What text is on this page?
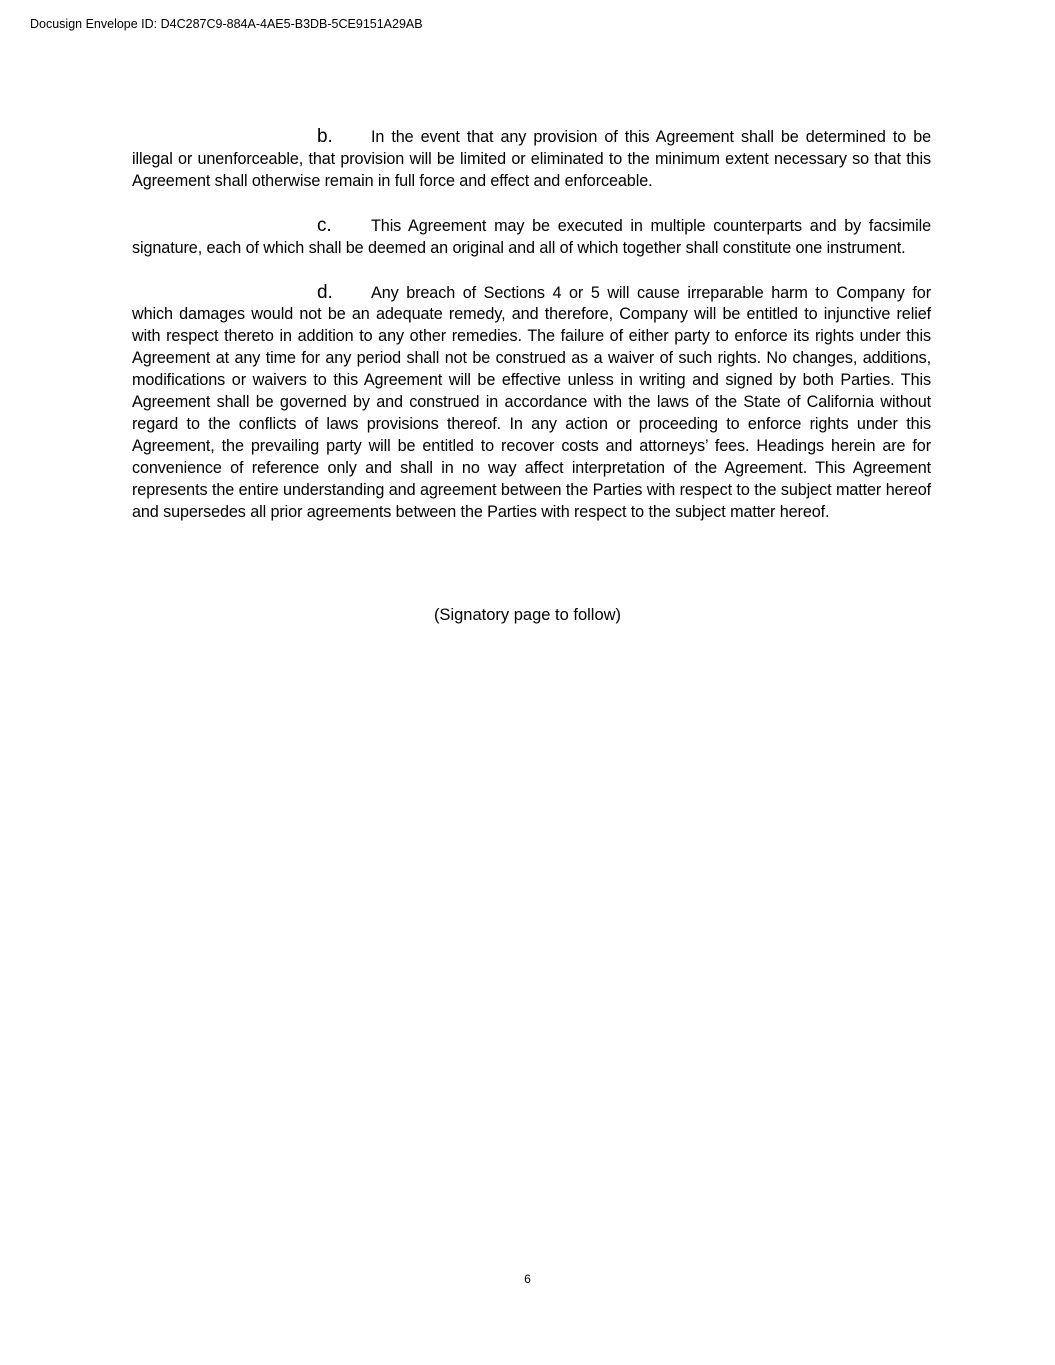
Docusign Envelope ID: D4C287C9-884A-4AE5-B3DB-5CE9151A29AB

b. In the event that any provision of this Agreement shall be determined to be illegal or unenforceable, that provision will be limited or eliminated to the minimum extent necessary so that this Agreement shall otherwise remain in full force and effect and enforceable.

c. This Agreement may be executed in multiple counterparts and by facsimile signature, each of which shall be deemed an original and all of which together shall constitute one instrument.

d. Any breach of Sections 4 or 5 will cause irreparable harm to Company for which damages would not be an adequate remedy, and therefore, Company will be entitled to injunctive relief with respect thereto in addition to any other remedies. The failure of either party to enforce its rights under this Agreement at any time for any period shall not be construed as a waiver of such rights. No changes, additions, modifications or waivers to this Agreement will be effective unless in writing and signed by both Parties. This Agreement shall be governed by and construed in accordance with the laws of the State of California without regard to the conflicts of laws provisions thereof. In any action or proceeding to enforce rights under this Agreement, the prevailing party will be entitled to recover costs and attorneys’ fees. Headings herein are for convenience of reference only and shall in no way affect interpretation of the Agreement. This Agreement represents the entire understanding and agreement between the Parties with respect to the subject matter hereof and supersedes all prior agreements between the Parties with respect to the subject matter hereof.

(Signatory page to follow)
6
